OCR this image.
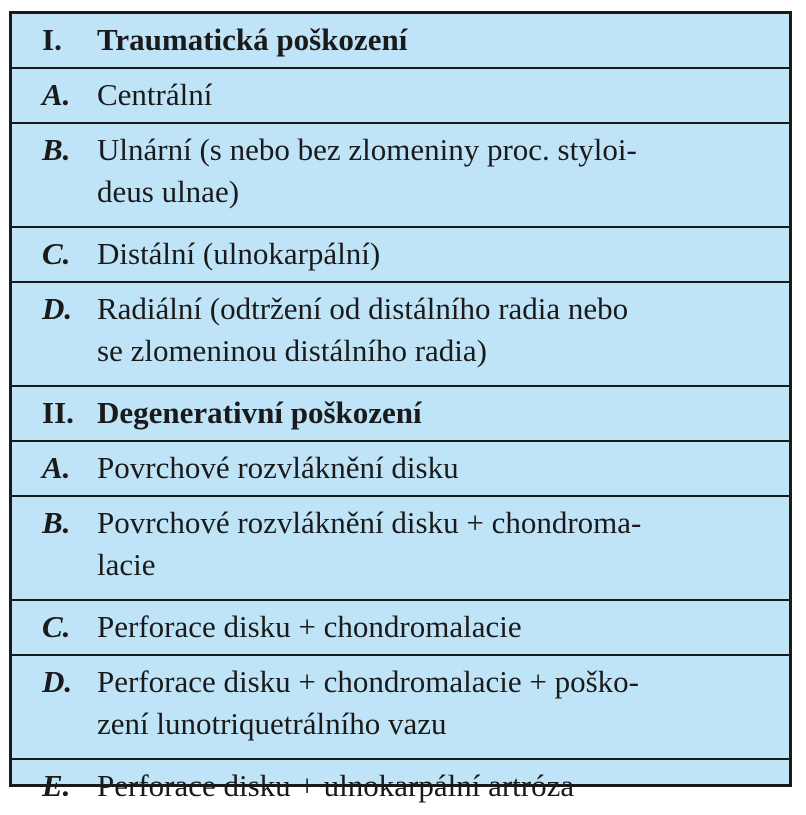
I.	Traumatická poškození
A. Centrální
B. Ulnární (s nebo bez zlomeniny proc. styloi-
deus ulnae)
C. Distální (ulnokarpální)
D. Radiální (odtržení od distálního radia nebo
se zlomeninou distálního radia)
II. Degenerativní poškození
A. Povrchové rozvláknění disku
B. Povrchové rozvláknění disku + chondroma-
lacie
C. Perforace disku + chondromalacie
D. Perforace disku + chondromalacie + poško-
zení lunotriquetrálního vazu
E. Perforace disku + ulnokarpální artróza
